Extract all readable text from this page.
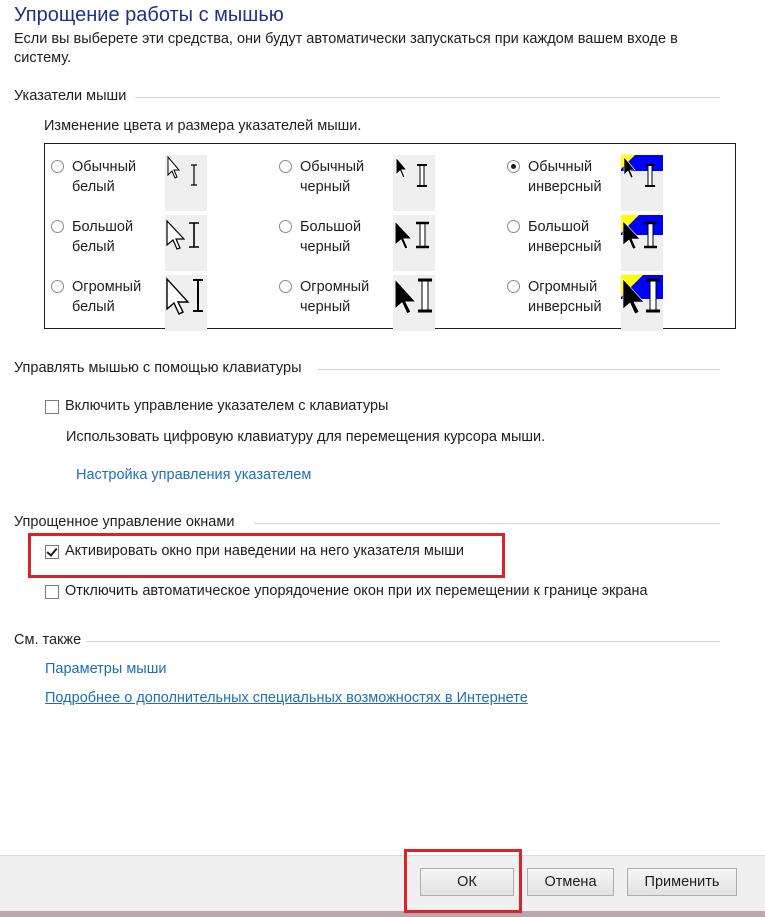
Упрощение работы с мышью
Если вы выберете эти средства, они будут автоматически запускаться при каждом вашем входе в систему.
Указатели мыши
Изменение цвета и размера указателей мыши.
Обычный
белый
Обычный
черный
Обычный
инверсный
Большой
белый
Большой
черный
Большой
инверсный
Огромный
белый
Огромный
черный
Огромный
инверсный
Управлять мышью с помощью клавиатуры
Включить управление указателем с клавиатуры
Использовать цифровую клавиатуру для перемещения курсора мыши.
Настройка управления указателем
Упрощенное управление окнами
Активировать окно при наведении на него указателя мыши
Отключить автоматическое упорядочение окон при их перемещении к границе экрана
См. также
Параметры мыши
Подробнее о дополнительных специальных возможностях в Интернете
ОК	Отмена	Применить
